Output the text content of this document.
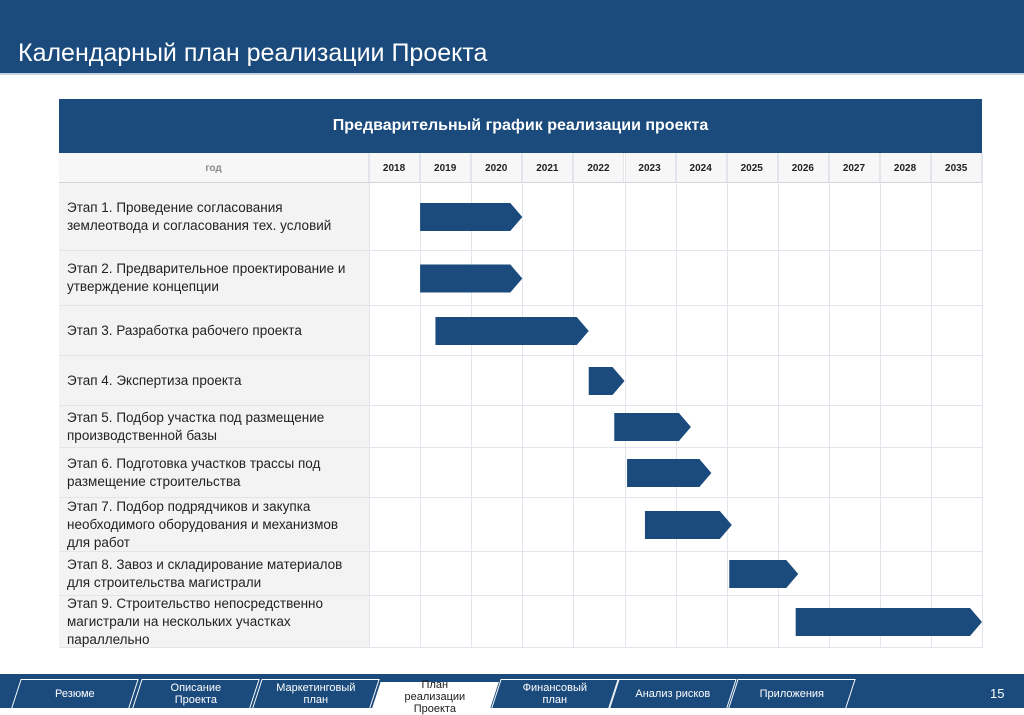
Календарный план реализации Проекта
Предварительный график реализации проекта
год	2018	2019	2020	2021	2022	2023	2024	2025	2026	2027	2028	2035
Этап 1. Проведение согласования землеотвода и согласования тех. условий
Этап 2. Предварительное проектирование и утверждение концепции
Этап 3. Разработка рабочего проекта
Этап 4. Экспертиза проекта
Этап 5. Подбор участка под размещение производственной базы
Этап 6. Подготовка участков трассы под размещение строительства
Этап 7. Подбор подрядчиков и закупка необходимого оборудования и механизмов для работ
Этап 8. Завоз и складирование материалов для строительства магистрали
Этап 9. Строительство непосредственно магистрали на нескольких участках параллельно
Резюме	Описание
Проекта
Маркетинговый
план
План
реализации
Проекта
Финансовый
план	Анализ рисков	Приложения	15
